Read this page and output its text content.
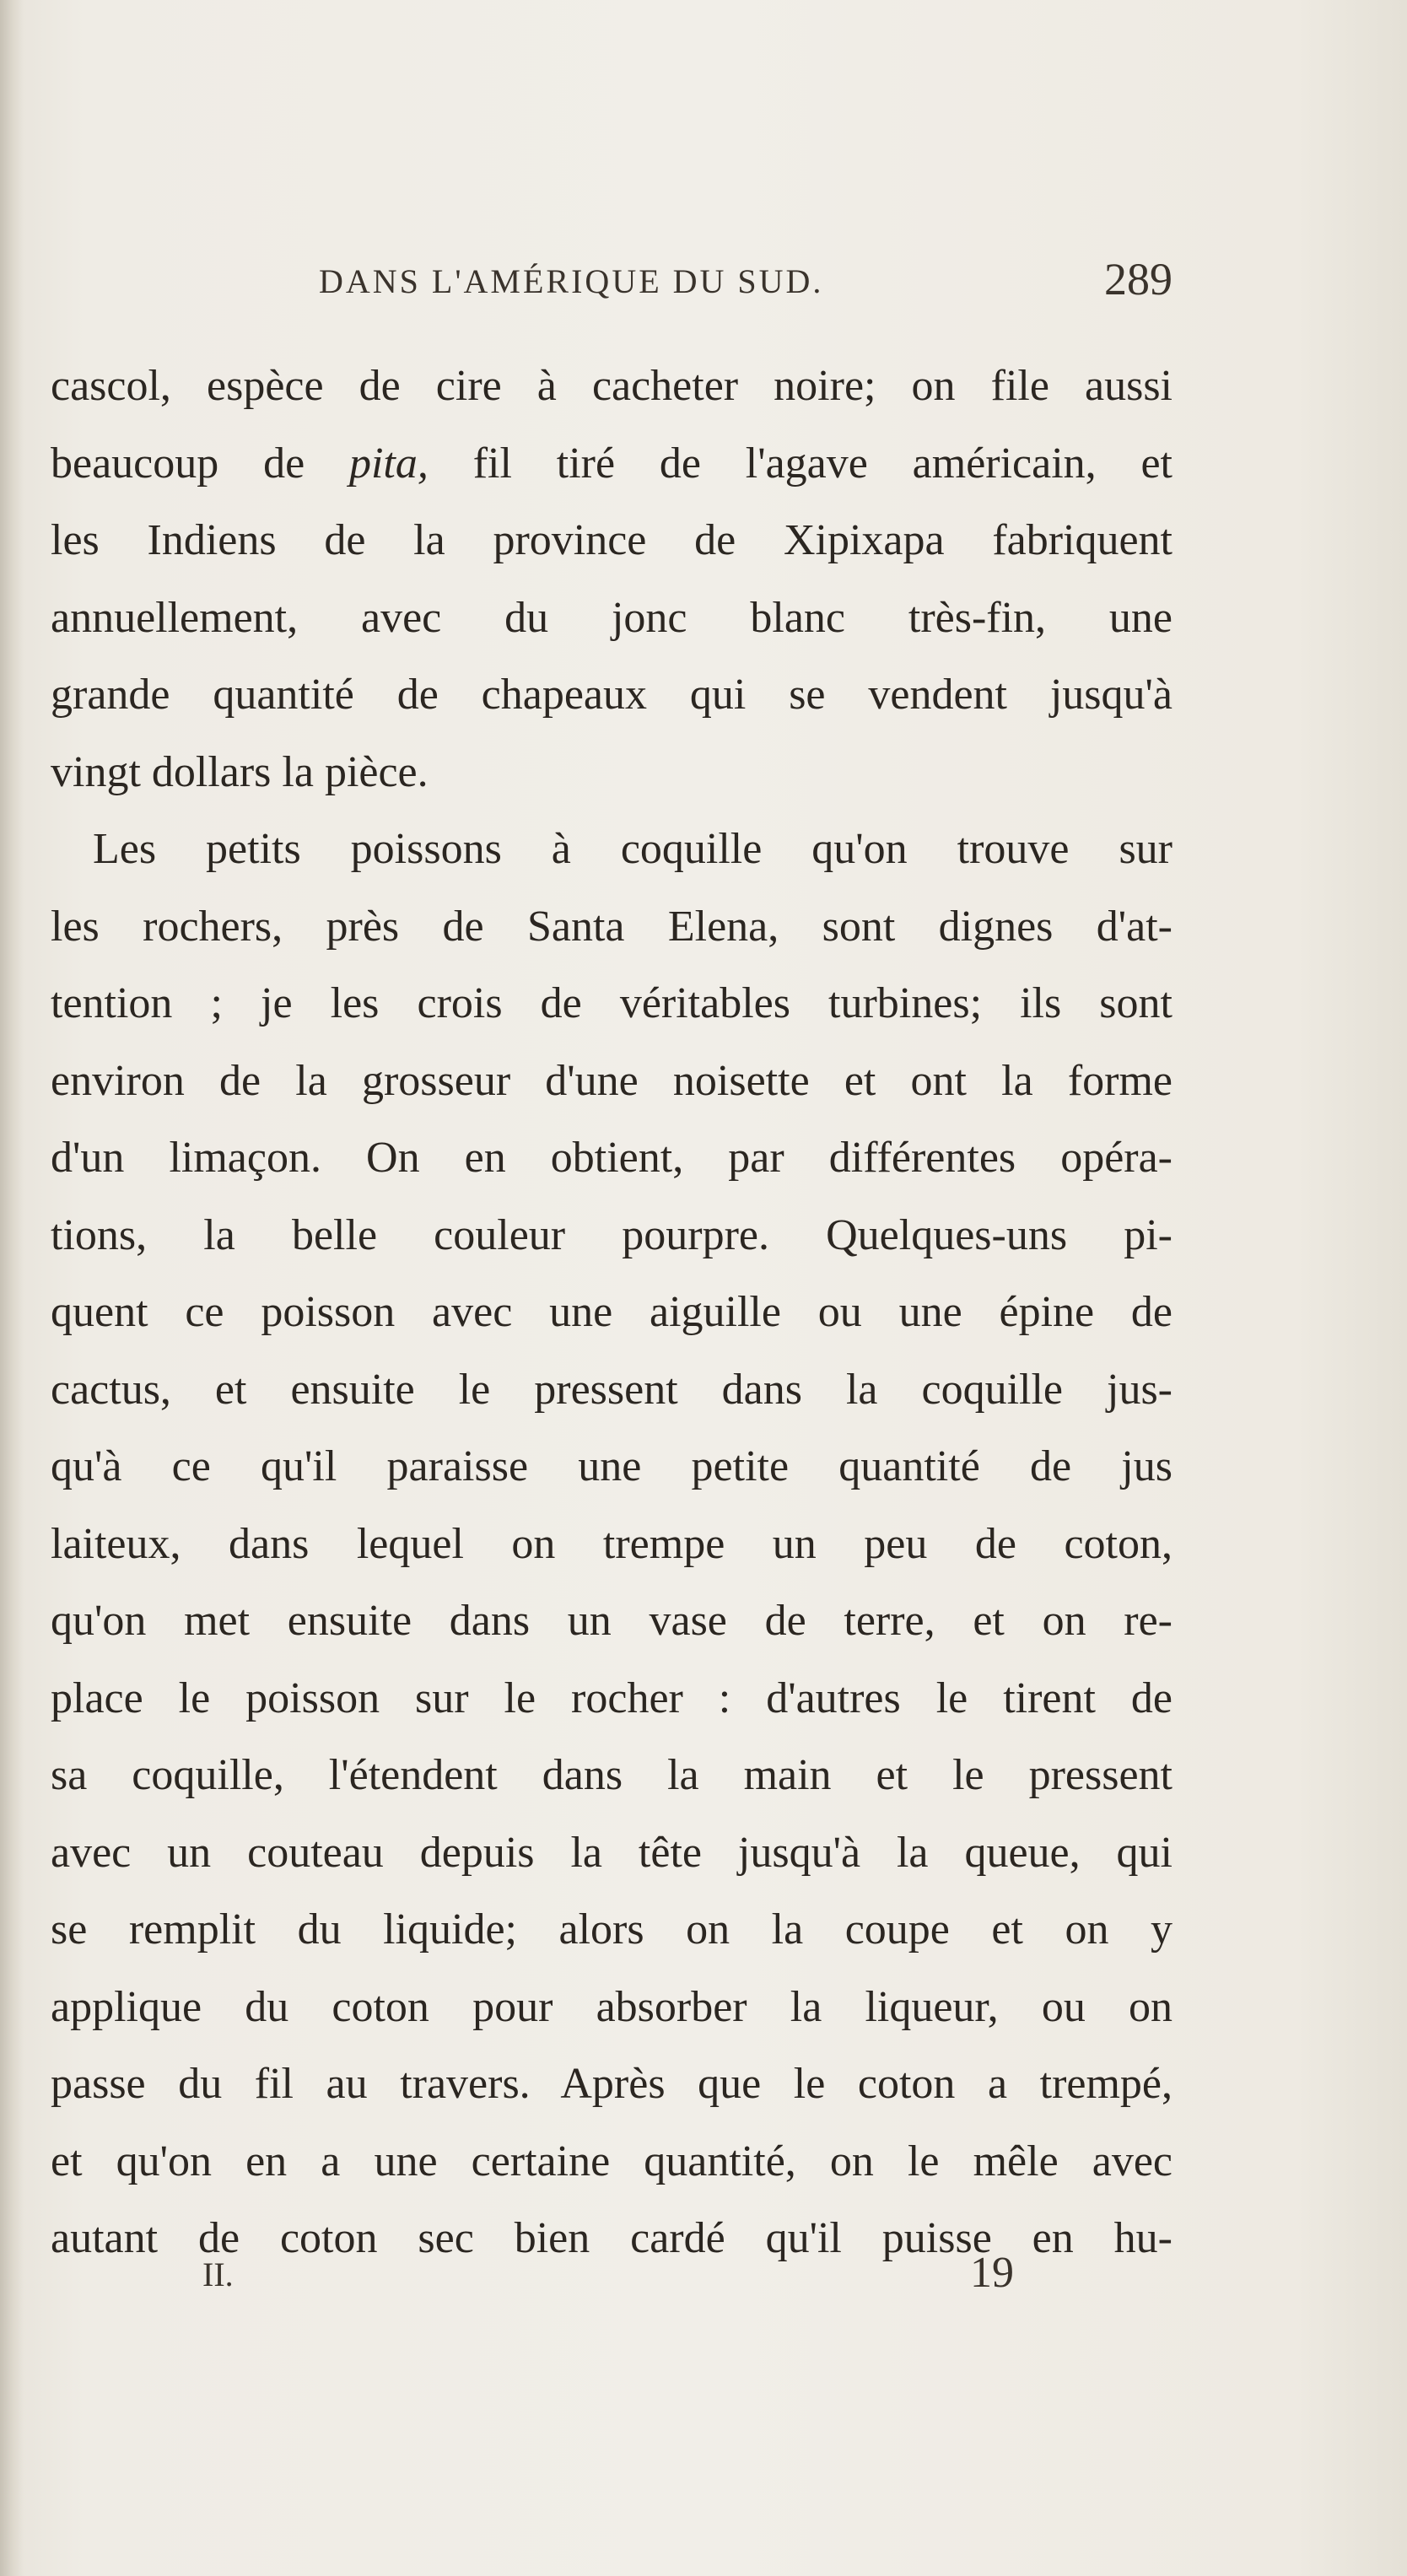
DANS L'AMÉRIQUE DU SUD.	289
cascol, espèce de cire à cacheter noire; on file aussi
beaucoup de pita, fil tiré de l'agave américain, et
les Indiens de la province de Xipixapa fabriquent
annuellement, avec du jonc blanc très-fin, une
grande quantité de chapeaux qui se vendent jusqu'à
vingt dollars la pièce.
Les petits poissons à coquille qu'on trouve sur
les rochers, près de Santa Elena, sont dignes d'at-
tention ; je les crois de véritables turbines; ils sont
environ de la grosseur d'une noisette et ont la forme
d'un limaçon. On en obtient, par différentes opéra-
tions, la belle couleur pourpre. Quelques-uns pi-
quent ce poisson avec une aiguille ou une épine de
cactus, et ensuite le pressent dans la coquille jus-
qu'à ce qu'il paraisse une petite quantité de jus
laiteux, dans lequel on trempe un peu de coton,
qu'on met ensuite dans un vase de terre, et on re-
place le poisson sur le rocher : d'autres le tirent de
sa coquille, l'étendent dans la main et le pressent
avec un couteau depuis la tête jusqu'à la queue, qui
se remplit du liquide; alors on la coupe et on y
applique du coton pour absorber la liqueur, ou on
passe du fil au travers. Après que le coton a trempé,
et qu'on en a une certaine quantité, on le mêle avec
autant de coton sec bien cardé qu'il puisse en hu-
II.	19
